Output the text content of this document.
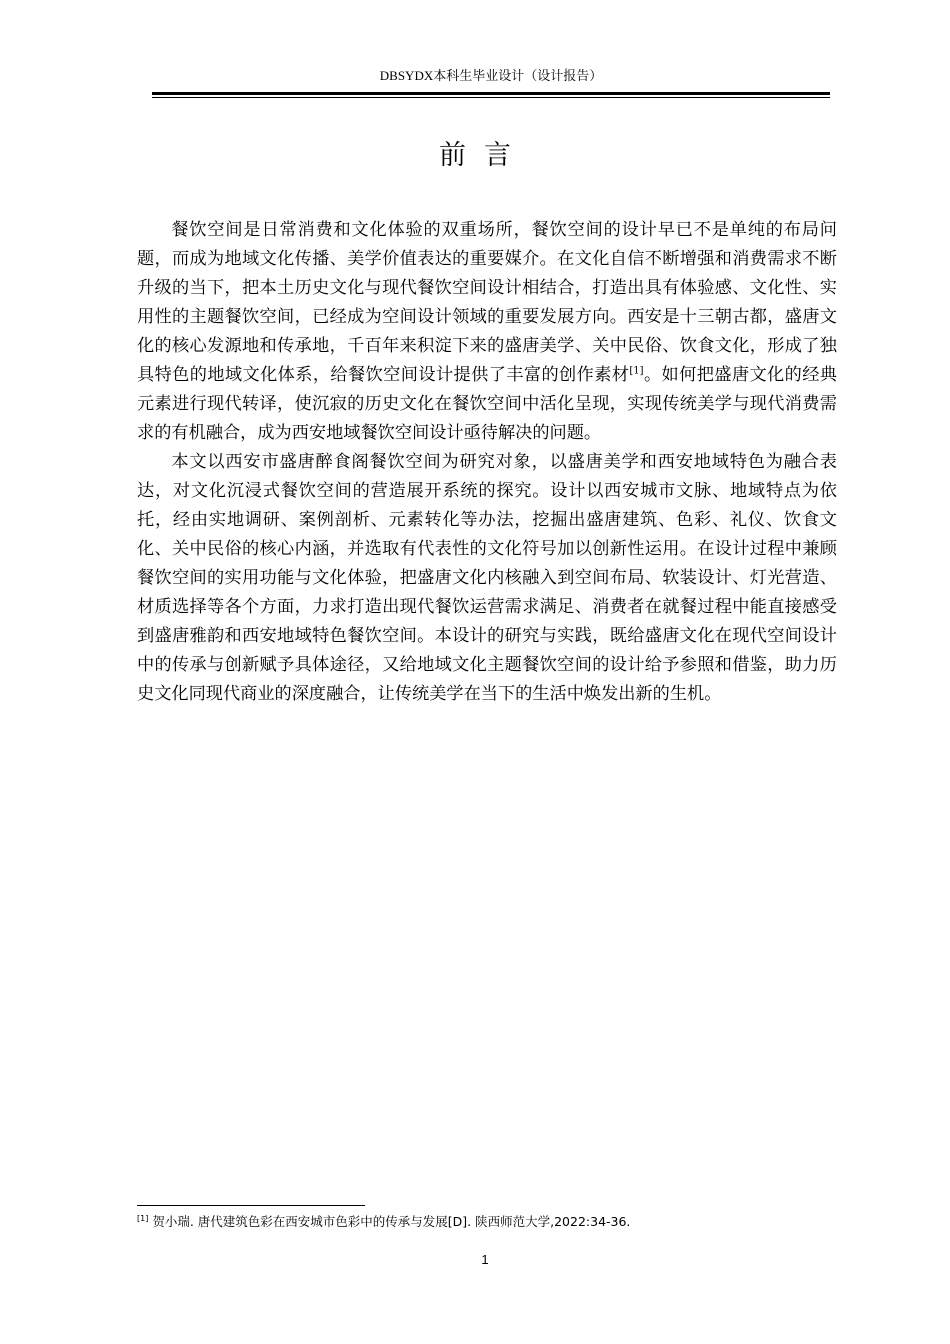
DBSYDX本科生毕业设计（设计报告）
前言

餐饮空间是日常消费和文化体验的双重场所，餐饮空间的设计早已不是单纯的布局问题，而成为地域文化传播、美学价值表达的重要媒介。在文化自信不断增强和消费需求不断升级的当下，把本土历史文化与现代餐饮空间设计相结合，打造出具有体验感、文化性、实用性的主题餐饮空间，已经成为空间设计领域的重要发展方向。西安是十三朝古都，盛唐文化的核心发源地和传承地，千百年来积淀下来的盛唐美学、关中民俗、饮食文化，形成了独具特色的地域文化体系，给餐饮空间设计提供了丰富的创作素材[1]。如何把盛唐文化的经典元素进行现代转译，使沉寂的历史文化在餐饮空间中活化呈现，实现传统美学与现代消费需求的有机融合，成为西安地域餐饮空间设计亟待解决的问题。

本文以西安市盛唐醉食阁餐饮空间为研究对象，以盛唐美学和西安地域特色为融合表达，对文化沉浸式餐饮空间的营造展开系统的探究。设计以西安城市文脉、地域特点为依托，经由实地调研、案例剖析、元素转化等办法，挖掘出盛唐建筑、色彩、礼仪、饮食文化、关中民俗的核心内涵，并选取有代表性的文化符号加以创新性运用。在设计过程中兼顾餐饮空间的实用功能与文化体验，把盛唐文化内核融入到空间布局、软装设计、灯光营造、材质选择等各个方面，力求打造出现代餐饮运营需求满足、消费者在就餐过程中能直接感受到盛唐雅韵和西安地域特色餐饮空间。本设计的研究与实践，既给盛唐文化在现代空间设计中的传承与创新赋予具体途径，又给地域文化主题餐饮空间的设计给予参照和借鉴，助力历史文化同现代商业的深度融合，让传统美学在当下的生活中焕发出新的生机。

[1] 贺小瑞. 唐代建筑色彩在西安城市色彩中的传承与发展[D]. 陕西师范大学,2022:34-36.
1
